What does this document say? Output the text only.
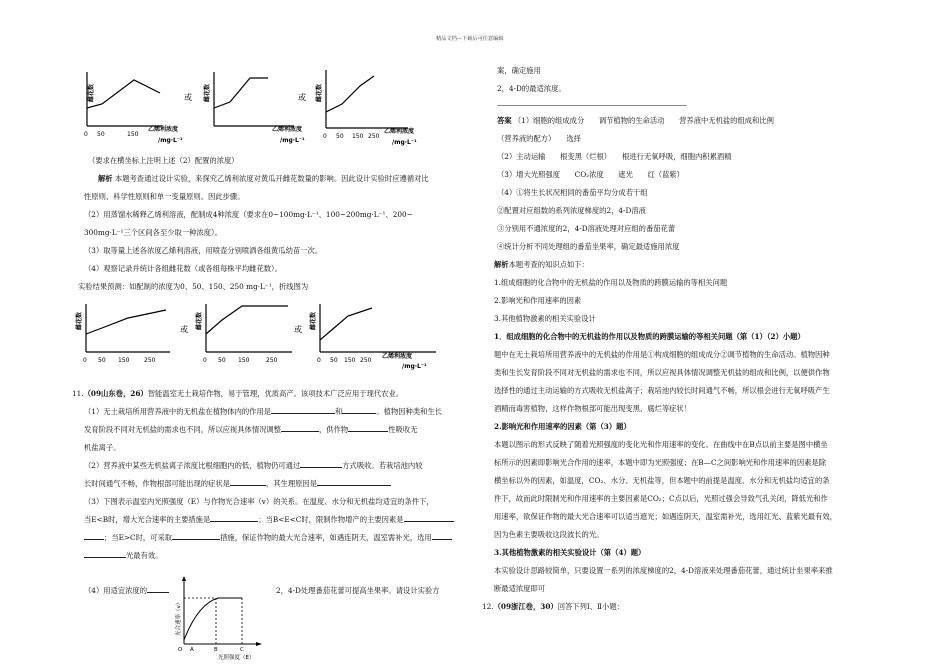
精品文档---下载后可任意编辑
雌花数
0 50	150
乙烯利浓度
/mg·L⁻¹
或 雌花数
乙烯利浓度
/mg·L⁻¹
或 雌花数
0 50 150 250
乙烯利浓度
/mg·L⁻¹
（要求在横坐标上注明上述（2）配置的浓度）
解析 本题考查通过设计实验，来探究乙烯利浓度对黄瓜开雌花数量的影响。因此设计实验时应遵循对比
性原则、科学性原则和单一变量原则。因此步骤。
（2）用蒸馏水稀释乙烯利溶液，配制成4种浓度（要求在0~100mg·L⁻¹、100~200mg·L⁻¹、200~
300mg·L⁻¹三个区间各至少取一种浓度）。
（3）取等量上述各浓度乙烯利溶液，用喷壶分别喷洒各组黄瓜幼苗一次。
（4）观察记录并统计各组雌花数（或各组每株平均雌花数）。
实验结果预测：如配制的浓度为0、50、150、250 mg·L⁻¹，折线图为
雌花数
0 50 150 250
或 雌花数
0 50 150	250
或 雌花数
0 50 150 250
乙烯利浓度
/mg·L⁻¹
11.（09山东卷，26）智能温室无土栽培作物，易于管理，优质高产。该项技术广泛应用于现代农业。
（1）无土栽培所用营养液中的无机盐在植物体内的作用是	和	。植物因种类和生长
发育阶段不同对无机盐的需求也不同，所以应视具体情况调整	，供作物	性吸收无
机盐离子。
（2）营养液中某些无机盐离子浓度比根细胞内的低，植物仍可通过	方式吸收。若栽培池内较
长时间通气不畅，作物根部可能出现的症状是	，其生理原因是
（3）下图表示温室内光照强度（E）与作物光合速率（v）的关系。在温度、水分和无机盐均适宜的条件下，
当E<B时，增大光合速率的主要措施是	；当B<E<C时，限制作物增产的主要因素是
；当E>C时，可采取	措施，保证作物的最大光合速率，如遇连阴天，温室需补光，选用
光最有效。
（4）用适宜浓度的	2，4-D处理番茄花蕾可提高坐果率。请设计实验方
光合速率（v）
O A	B	C
光照强度（E）
案，确定施用
2，4-D的最适浓度。
答案 （1）细胞的组成成分　　调节植物的生命活动　　营养液中无机盐的组成和比例
（营养液的配方）　　选择
（2）主动运输　　根变黑（烂根）　　根进行无氧呼吸，细胞内积累酒精
（3）增大光照强度　　CO₂浓度　　遮光　　红（蓝紫）
（4）①将生长状况相同的番茄平均分成若干组
②配置对应组数的系列浓度梯度的2，4-D溶液
③分别用不通浓度的2，4-D溶液处理对应组的番茄花蕾
④统计分析不同处理组的番茄坐果率，确定最适施用浓度
解析本题考查的知识点如下：
1.组成细胞的化合物中的无机盐的作用以及物质的跨膜运输的等相关问题
2.影响光和作用速率的因素
3.其他植物激素的相关实验设计
1．组成细胞的化合物中的无机盐的作用以及物质的跨膜运输的等相关问题（第（1）（2）小题）
题中在无土栽培所用营养液中的无机盐的作用是①构成细胞的组成成分②调节植物的生命活动。植物因种
类和生长发育阶段不同对无机盐的需求也不同，所以应视具体情况调整无机盐的组成和比例，以便供作物
选择性的通过主动运输的方式吸收无机盐离子；栽培池内较长时间通气不畅，所以根会进行无氧呼吸产生
酒精而毒害植物，这样作物根部可能出现变黑、腐烂等症状！
2.影响光和作用速率的因素（第（3）题）
本题以图示的形式反映了随着光照强度的变化光和作用速率的变化。在曲线中在B点以前主要是图中横坐
标所示的因素即影响光合作用的速率，本题中即为光照强度；在B—C之间影响光和作用速率的因素是除
横坐标以外的因素，如温度，CO₂、水分、无机盐等，但本题中的前提是温度、水分和无机盐均适宜的条
件下，故而此时限制光和作用速率的主要因素是CO₂；C点以后，光照过强会导致气孔关闭，降低光和作
用速率，欲保证作物的最大光合速率可以适当遮光；如遇连阴天，温室需补光，选用红光、蓝紫光最有效，
因为色素主要吸收这段波长的光。
3.其他植物激素的相关实验设计（第（4）题）
本实验设计思路较简单，只要设置一系列的浓度梯度的2，4-D溶液来处理番茄花蕾，通过统计坐果率来推
断最适浓度即可
12.（09浙江卷，30）回答下列Ⅰ、Ⅱ小题：
